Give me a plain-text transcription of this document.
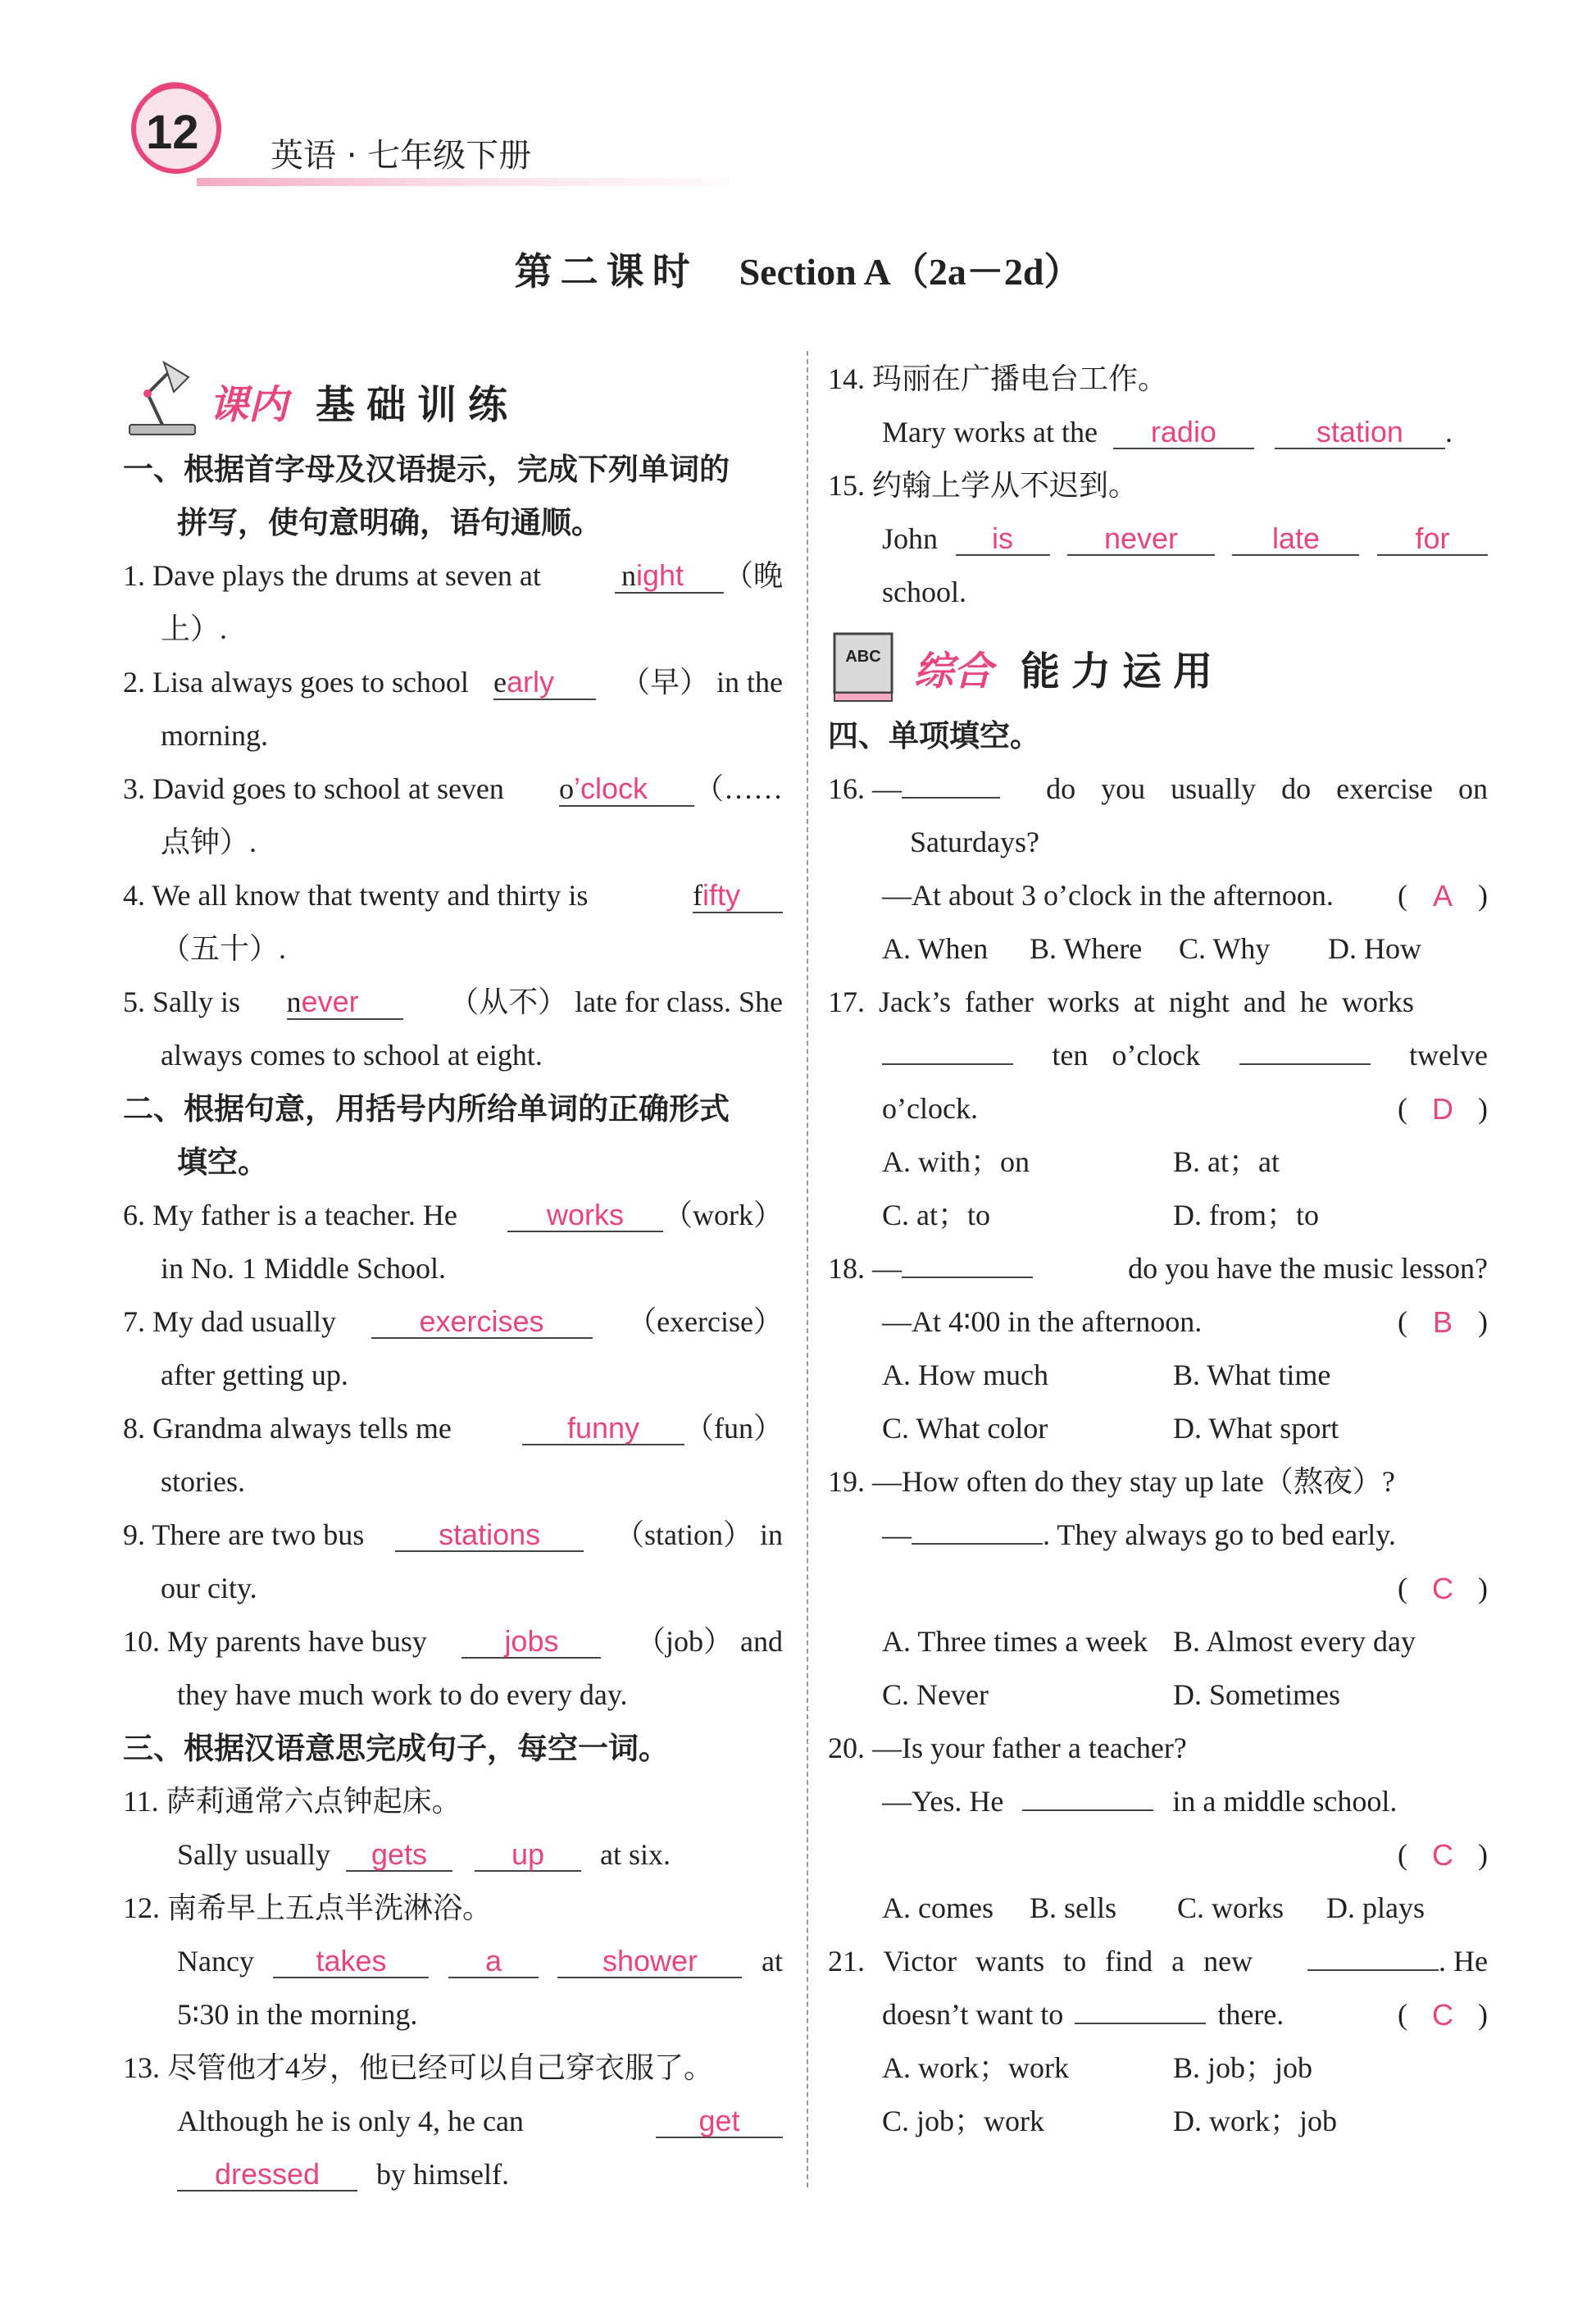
12 英语 · 七年级下册
第二课时 Section A（2a－2d）
课内 基础训练
一、根据首字母及汉语提示，完成下列单词的
拼写，使句意明确，语句通顺。
1. Dave plays the drums at seven at	night （晚
上）.
2. Lisa always goes to school early	（早） in the
morning.
3. David goes to school at seven o’clock （……
点钟）.
4. We all know that twenty and thirty is	fifty
（五十）.
5. Sally is never	（从不） late for class. She
always comes to school at eight.
二、根据句意，用括号内所给单词的正确形式
填空。
6. My father is a teacher. He	works （work）
in No. 1 Middle School.
7. My dad usually	exercises	（exercise）
after getting up.
8. Grandma always tells me	funny （fun）
stories.
9. There are two bus	stations	（station） in
our city.
10. My parents have busy	jobs	（job） and
they have much work to do every day.
三、根据汉语意思完成句子，每空一词。
11. 萨莉通常六点钟起床。
Sally usually gets	up at six.
12. 南希早上五点半洗淋浴。
Nancy	takes	a	shower	at
5∶30 in the morning.
13. 尽管他才4岁，他已经可以自己穿衣服了。
Although he is only 4, he can	get
dressed by himself.
14. 玛丽在广播电台工作。
Mary works at the radio	station .
15. 约翰上学从不迟到。
John	is	never	late	for
school.
ABC 综合 能力运用
四、单项填空。
16. —	do you usually do exercise on
Saturdays?
—At about 3 o’clock in the afternoon. ( A )
A. When B. Where C. Why D. How
17. Jack’s father works at night and he works
ten o’clock	twelve
o’clock.	( D )
A. with；on	B. at；at
C. at；to	D. from；to
18. —	do you have the music lesson?
—At 4∶00 in the afternoon.	( B )
A. How much	B. What time
C. What color	D. What sport
19. —How often do they stay up late（熬夜）?
—	. They always go to bed early.
( C )
A. Three times a week B. Almost every day
C. Never	D. Sometimes
20. —Is your father a teacher?
—Yes. He	in a middle school.
( C )
A. comes B. sells C. works D. plays
21. Victor wants to find a new	. He
doesn’t want to	there.	( C )
A. work；work	B. job；job
C. job；work	D. work；job
